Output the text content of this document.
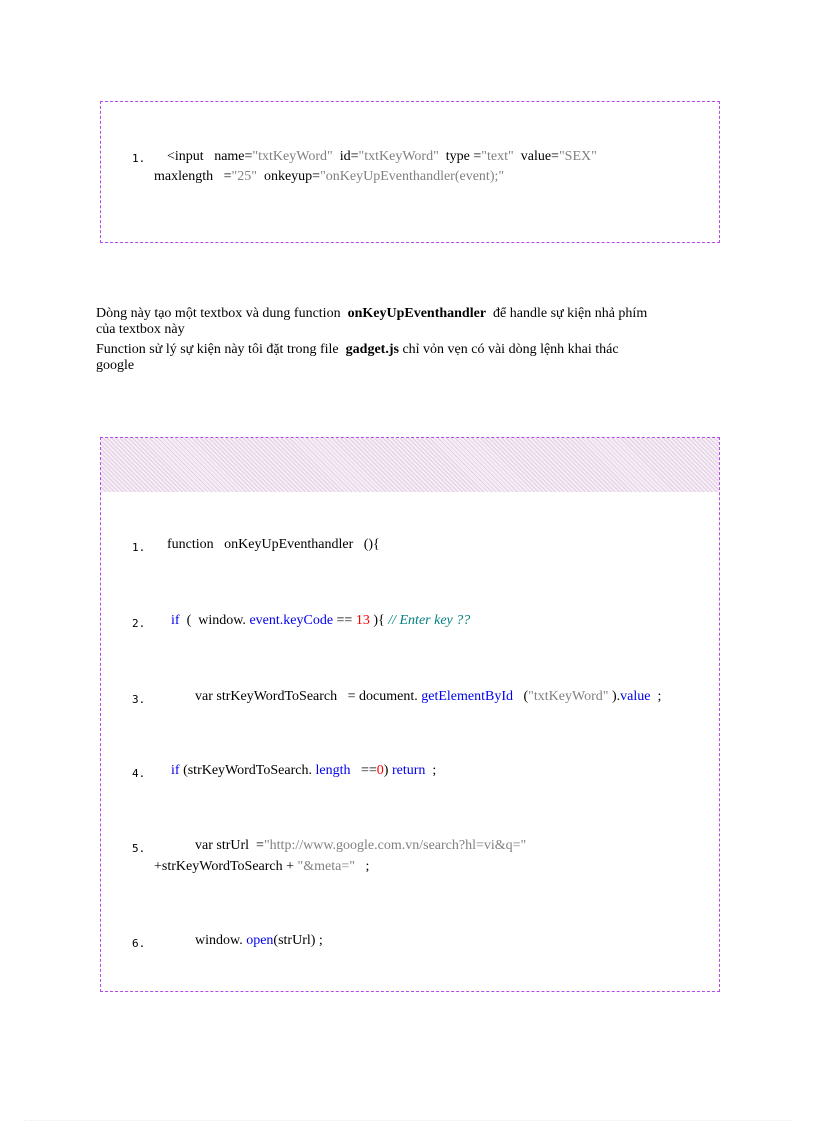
1. <input name="txtKeyWord" id="txtKeyWord" type ="text" value="SEX"
maxlength ="25" onkeyup="onKeyUpEventhandler(event);"
Dòng này tạo một textbox và dung function onKeyUpEventhandler để handle sự kiện nhả phím
của textbox này
Function sử lý sự kiện này tôi đặt trong file gadget.js chỉ vỏn vẹn có vài dòng lệnh khai thác
google
1. function onKeyUpEventhandler (){
2. if ( window. event.keyCode == 13 ){ // Enter key ??
3.	var strKeyWordToSearch = document. getElementById ("txtKeyWord" ).value ;
4. if (strKeyWordToSearch. length ==0) return ;
5.	var strUrl ="http://www.google.com.vn/search?hl=vi&q="
+strKeyWordToSearch + "&meta=" ;
6.	window. open(strUrl) ;
